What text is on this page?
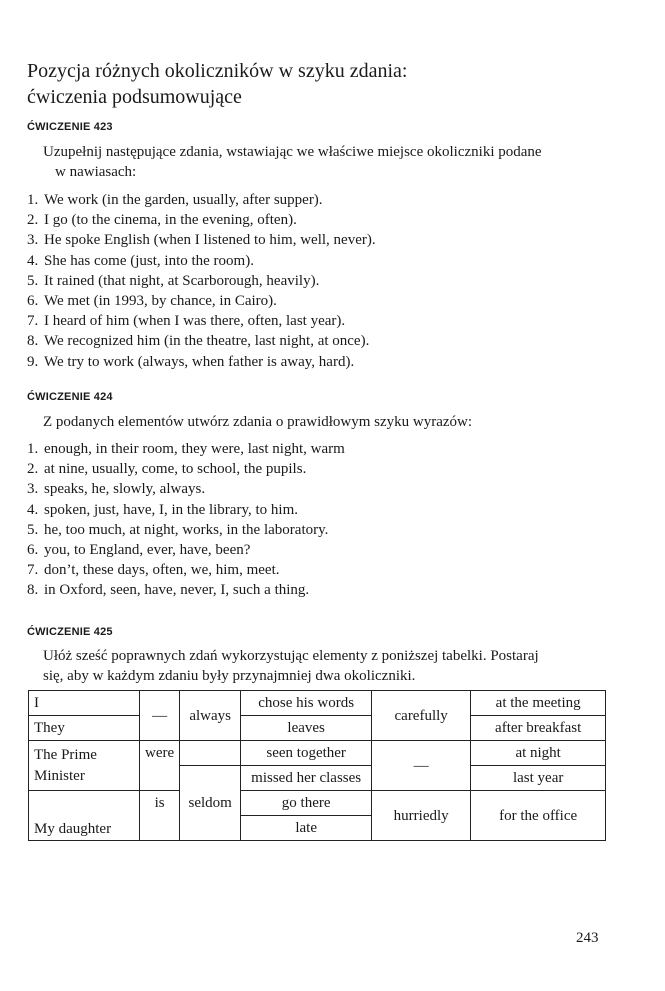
Pozycja różnych okoliczników w szyku zdania:
ćwiczenia podsumowujące
ĆWICZENIE 423
Uzupełnij następujące zdania, wstawiając we właściwe miejsce okoliczniki podane
w nawiasach:
1. We work (in the garden, usually, after supper).
2. I go (to the cinema, in the evening, often).
3. He spoke English (when I listened to him, well, never).
4. She has come (just, into the room).
5. It rained (that night, at Scarborough, heavily).
6. We met (in 1993, by chance, in Cairo).
7. I heard of him (when I was there, often, last year).
8. We recognized him (in the theatre, last night, at once).
9. We try to work (always, when father is away, hard).
ĆWICZENIE 424
Z podanych elementów utwórz zdania o prawidłowym szyku wyrazów:
1. enough, in their room, they were, last night, warm
2. at nine, usually, come, to school, the pupils.
3. speaks, he, slowly, always.
4. spoken, just, have, I, in the library, to him.
5. he, too much, at night, works, in the laboratory.
6. you, to England, ever, have, been?
7. don’t, these days, often, we, him, meet.
8. in Oxford, seen, have, never, I, such a thing.
ĆWICZENIE 425
Ułóż sześć poprawnych zdań wykorzystując elementy z poniższej tabelki. Postaraj
się, aby w każdym zdaniu były przynajmniej dwa okoliczniki.
I	—	always	chose his words	carefully	at the meeting
They			leaves		after breakfast
The Prime Minister	were		seen together	—	at night
		seldom	missed her classes		last year
My daughter	is		go there	hurriedly	for the office
			late		
243
